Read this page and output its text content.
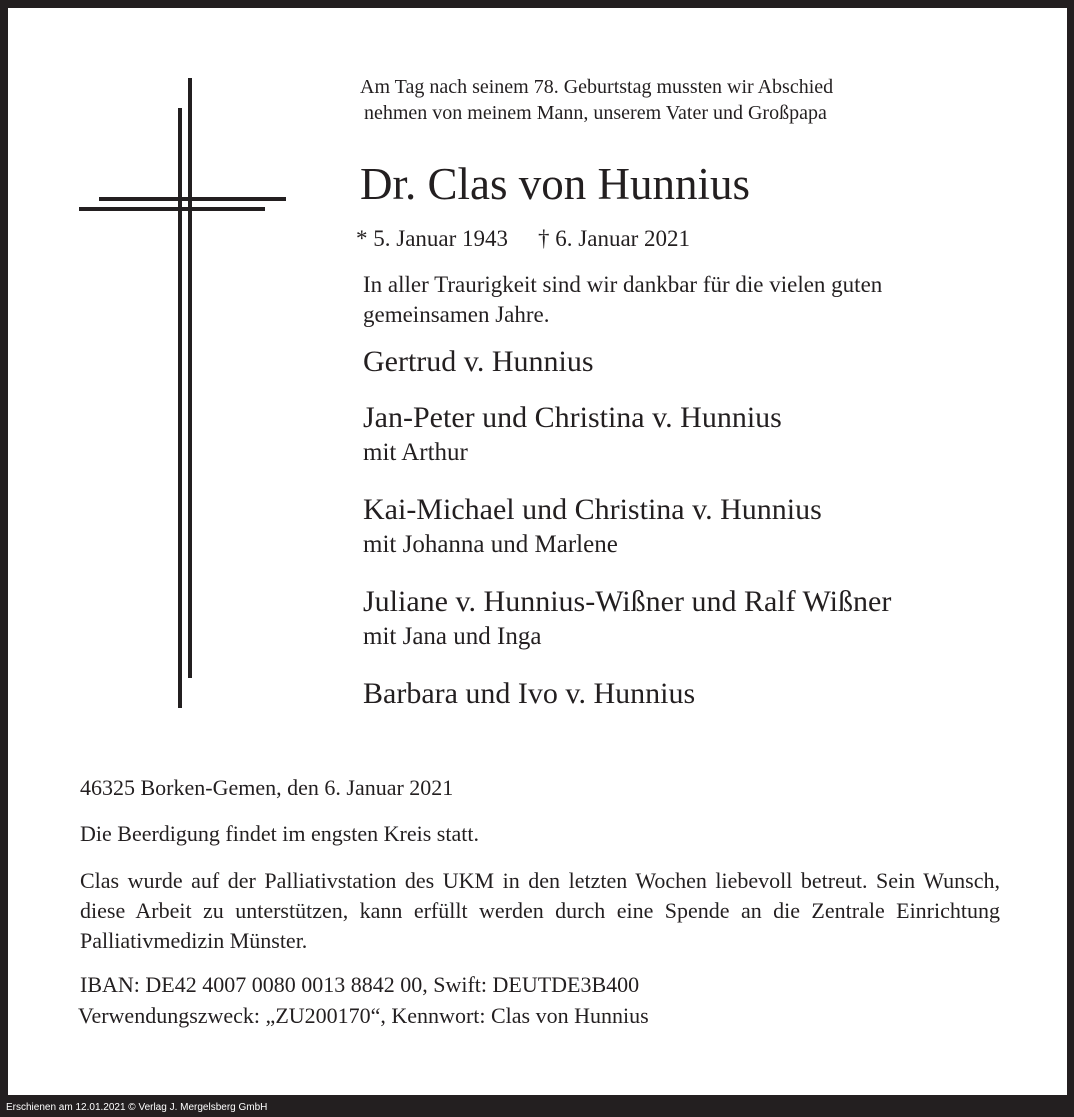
Am Tag nach seinem 78. Geburtstag mussten wir Abschied
nehmen von meinem Mann, unserem Vater und Großpapa
Dr. Clas von Hunnius
* 5. Januar 1943 † 6. Januar 2021
In aller Traurigkeit sind wir dankbar für die vielen guten
gemeinsamen Jahre.
Gertrud v. Hunnius
Jan-Peter und Christina v. Hunnius
mit Arthur
Kai-Michael und Christina v. Hunnius
mit Johanna und Marlene
Juliane v. Hunnius-Wißner und Ralf Wißner
mit Jana und Inga
Barbara und Ivo v. Hunnius
46325 Borken-Gemen, den 6. Januar 2021
Die Beerdigung findet im engsten Kreis statt.
Clas wurde auf der Palliativstation des UKM in den letzten Wochen liebevoll betreut. Sein Wunsch, diese Arbeit zu unterstützen, kann erfüllt werden durch eine Spende an die Zentrale Einrichtung Palliativmedizin Münster.
IBAN: DE42 4007 0080 0013 8842 00, Swift: DEUTDE3B400
Verwendungszweck: „ZU200170“, Kennwort: Clas von Hunnius
Erschienen am 12.01.2021 © Verlag J. Mergelsberg GmbH
